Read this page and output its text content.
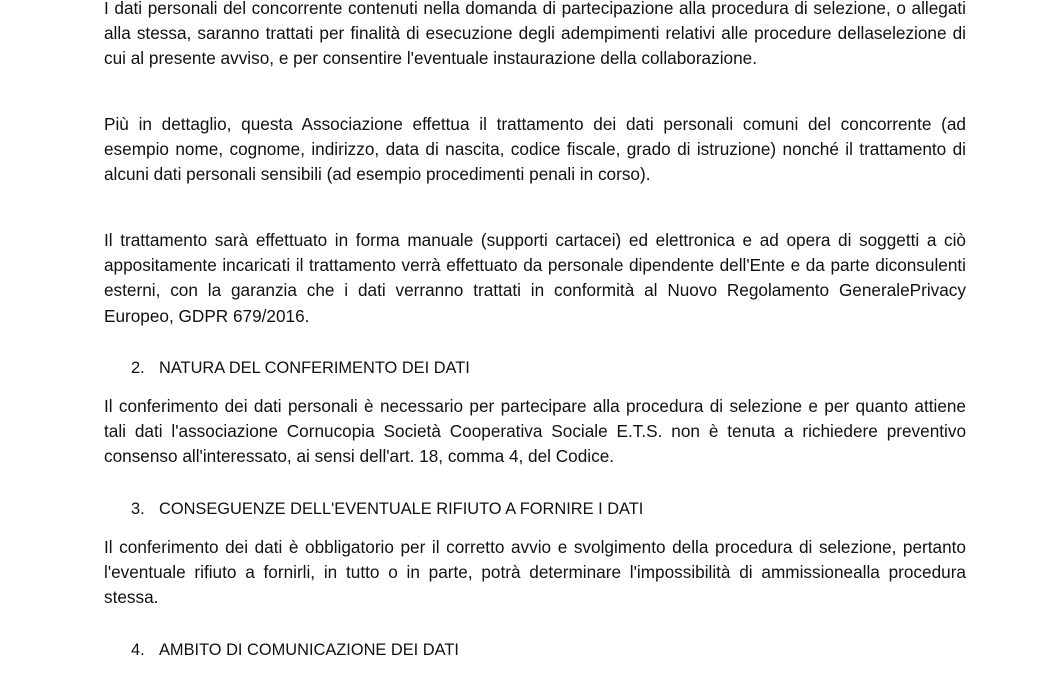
I dati personali del concorrente contenuti nella domanda di partecipazione alla procedura di selezione, o allegati alla stessa, saranno trattati per finalità di esecuzione degli adempimenti relativi alle procedure dellaselezione di cui al presente avviso, e per consentire l'eventuale instaurazione della collaborazione.

Più in dettaglio, questa Associazione effettua il trattamento dei dati personali comuni del concorrente (ad esempio nome, cognome, indirizzo, data di nascita, codice fiscale, grado di istruzione) nonché il trattamento di alcuni dati personali sensibili (ad esempio procedimenti penali in corso).

Il trattamento sarà effettuato in forma manuale (supporti cartacei) ed elettronica e ad opera di soggetti a ciò appositamente incaricati il trattamento verrà effettuato da personale dipendente dell'Ente e da parte diconsulenti esterni, con la garanzia che i dati verranno trattati in conformità al Nuovo Regolamento GeneralePrivacy Europeo, GDPR 679/2016.

2. NATURA DEL CONFERIMENTO DEI DATI

Il conferimento dei dati personali è necessario per partecipare alla procedura di selezione e per quanto attiene tali dati l'associazione Cornucopia Società Cooperativa Sociale E.T.S. non è tenuta a richiedere preventivo consenso all'interessato, ai sensi dell'art. 18, comma 4, del Codice.

3. CONSEGUENZE DELL'EVENTUALE RIFIUTO A FORNIRE I DATI

Il conferimento dei dati è obbligatorio per il corretto avvio e svolgimento della procedura di selezione, pertanto l'eventuale rifiuto a fornirli, in tutto o in parte, potrà determinare l'impossibilità di ammissionealla procedura stessa.

4. AMBITO DI COMUNICAZIONE DEI DATI
